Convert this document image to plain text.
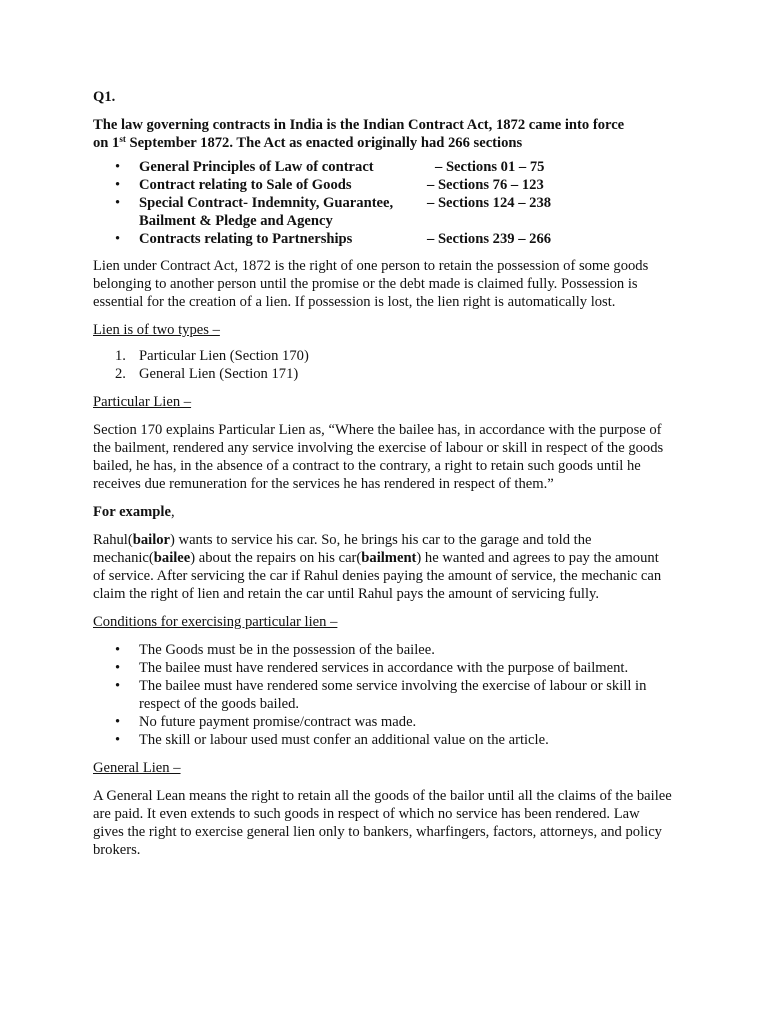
Q1.

The law governing contracts in India is the Indian Contract Act, 1872 came into force
on 1st September 1872. The Act as enacted originally had 266 sections

• General Principles of Law of contract	– Sections 01 – 75
• Contract relating to Sale of Goods	– Sections 76 – 123
• Special Contract- Indemnity, Guarantee,	– Sections 124 – 238
Bailment & Pledge and Agency
• Contracts relating to Partnerships	– Sections 239 – 266

Lien under Contract Act, 1872 is the right of one person to retain the possession of some goods belonging to another person until the promise or the debt made is claimed fully. Possession is essential for the creation of a lien. If possession is lost, the lien right is automatically lost.

Lien is of two types –

1. Particular Lien (Section 170)
2. General Lien (Section 171)

Particular Lien –

Section 170 explains Particular Lien as, “Where the bailee has, in accordance with the purpose of the bailment, rendered any service involving the exercise of labour or skill in respect of the goods bailed, he has, in the absence of a contract to the contrary, a right to retain such goods until he receives due remuneration for the services he has rendered in respect of them.”

For example,

Rahul(bailor) wants to service his car. So, he brings his car to the garage and told the mechanic(bailee) about the repairs on his car(bailment) he wanted and agrees to pay the amount of service. After servicing the car if Rahul denies paying the amount of service, the mechanic can claim the right of lien and retain the car until Rahul pays the amount of servicing fully.

Conditions for exercising particular lien –

• The Goods must be in the possession of the bailee.
• The bailee must have rendered services in accordance with the purpose of bailment.
• The bailee must have rendered some service involving the exercise of labour or skill in respect of the goods bailed.
• No future payment promise/contract was made.
• The skill or labour used must confer an additional value on the article.

General Lien –

A General Lean means the right to retain all the goods of the bailor until all the claims of the bailee are paid. It even extends to such goods in respect of which no service has been rendered. Law gives the right to exercise general lien only to bankers, wharfingers, factors, attorneys, and policy brokers.
